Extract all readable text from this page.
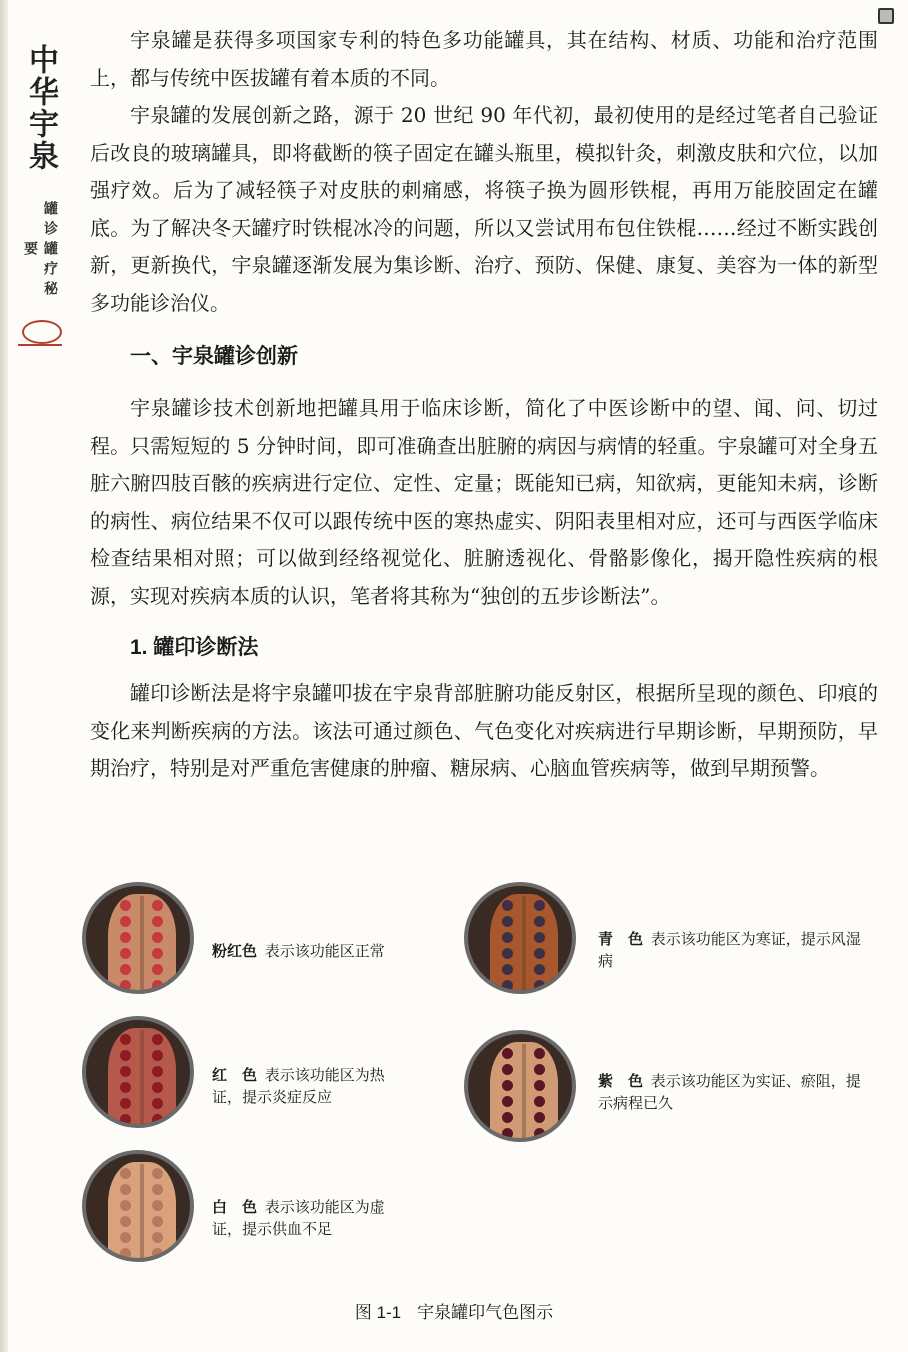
中华宇泉
罐诊罐疗秘要

宇泉罐是获得多项国家专利的特色多功能罐具，其在结构、材质、功能和治疗范围上，都与传统中医拔罐有着本质的不同。

宇泉罐的发展创新之路，源于 20 世纪 90 年代初，最初使用的是经过笔者自己验证后改良的玻璃罐具，即将截断的筷子固定在罐头瓶里，模拟针灸，刺激皮肤和穴位，以加强疗效。后为了减轻筷子对皮肤的刺痛感，将筷子换为圆形铁棍，再用万能胶固定在罐底。为了解决冬天罐疗时铁棍冰冷的问题，所以又尝试用布包住铁棍……经过不断实践创新，更新换代，宇泉罐逐渐发展为集诊断、治疗、预防、保健、康复、美容为一体的新型多功能诊治仪。

一、宇泉罐诊创新

宇泉罐诊技术创新地把罐具用于临床诊断，简化了中医诊断中的望、闻、问、切过程。只需短短的 5 分钟时间，即可准确查出脏腑的病因与病情的轻重。宇泉罐可对全身五脏六腑四肢百骸的疾病进行定位、定性、定量；既能知已病，知欲病，更能知未病，诊断的病性、病位结果不仅可以跟传统中医的寒热虚实、阴阳表里相对应，还可与西医学临床检查结果相对照；可以做到经络视觉化、脏腑透视化、骨骼影像化，揭开隐性疾病的根源，实现对疾病本质的认识，笔者将其称为“独创的五步诊断法”。

1. 罐印诊断法

罐印诊断法是将宇泉罐叩拔在宇泉背部脏腑功能反射区，根据所呈现的颜色、印痕的变化来判断疾病的方法。该法可通过颜色、气色变化对疾病进行早期诊断，早期预防，早期治疗，特别是对严重危害健康的肿瘤、糖尿病、心脑血管疾病等，做到早期预警。

粉红色 表示该功能区正常
红　色 表示该功能区为热证，提示炎症反应
白　色 表示该功能区为虚证，提示供血不足
青　色 表示该功能区为寒证，提示风湿病
紫　色 表示该功能区为实证、瘀阻，提示病程已久
图 1-1 宇泉罐印气色图示
